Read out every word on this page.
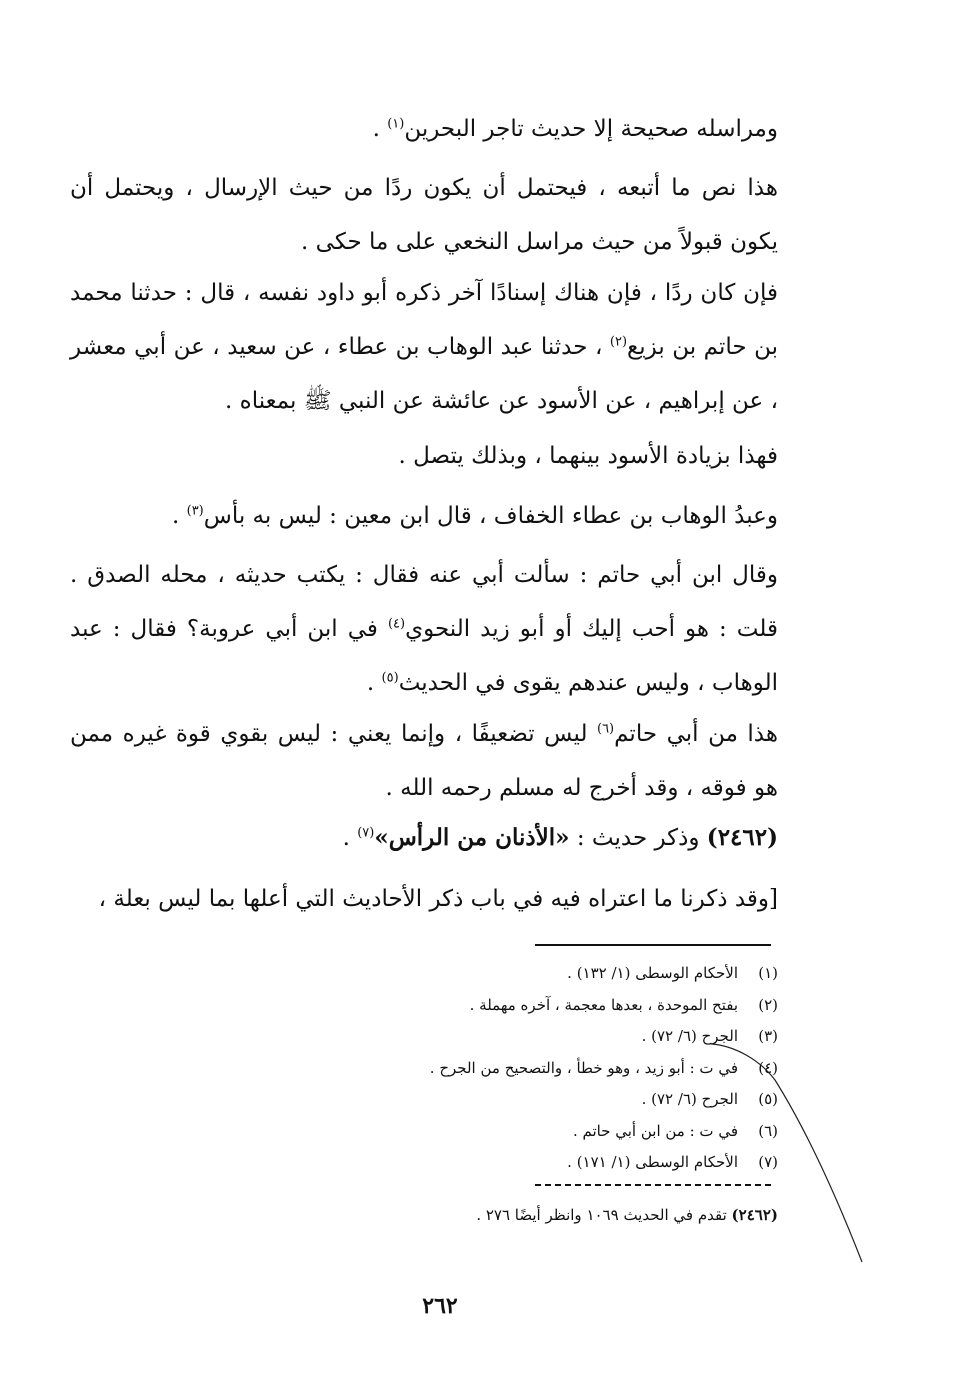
ومراسله صحيحة إلا حديث تاجر البحرين$^{(١)}$ .
هذا نص ما أتبعه ، فيحتمل أن يكون ردًا من حيث الإرسال ، ويحتمل أن يكون قبولاً من حيث مراسل النخعي على ما حكى .
فإن كان ردًا ، فإن هناك إسنادًا آخر ذكره أبو داود نفسه ، قال : حدثنا محمد بن حاتم بن بزيع$^{(٢)}$ ، حدثنا عبد الوهاب بن عطاء ، عن سعيد ، عن أبي معشر ، عن إبراهيم ، عن الأسود عن عائشة عن النبي ﷺ بمعناه .
فهذا بزيادة الأسود بينهما ، وبذلك يتصل .
وعبدُ الوهاب بن عطاء الخفاف ، قال ابن معين : ليس به بأس$^{(٣)}$ .
وقال ابن أبي حاتم : سألت أبي عنه فقال : يكتب حديثه ، محله الصدق . قلت : هو أحب إليك أو أبو زيد النحوي$^{(٤)}$ في ابن أبي عروبة؟ فقال : عبد الوهاب ، وليس عندهم يقوى في الحديث$^{(٥)}$ .
هذا من أبي حاتم$^{(٦)}$ ليس تضعيفًا ، وإنما يعني : ليس بقوي قوة غيره ممن هو فوقه ، وقد أخرج له مسلم رحمه الله .
(٢٤٦٢) وذكر حديث : «الأذنان من الرأس»$^{(٧)}$ .
[وقد ذكرنا ما اعتراه فيه في باب ذكر الأحاديث التي أعلها بما ليس بعلة ،
(١)
الأحكام الوسطى (١/ ١٣٢) .
(٢)
بفتح الموحدة ، بعدها معجمة ، آخره مهملة .
(٣)
الجرح (٦/ ٧٢) .
(٤)
في ت : أبو زيد ، وهو خطأ ، والتصحيح من الجرح .
(٥)
الجرح (٦/ ٧٢) .
(٦)
في ت : من ابن أبي حاتم .
(٧)
الأحكام الوسطى (١/ ١٧١) .
(٢٤٦٢) تقدم في الحديث ١٠٦٩ وانظر أيضًا ٢٧٦ .
٢٦٢
